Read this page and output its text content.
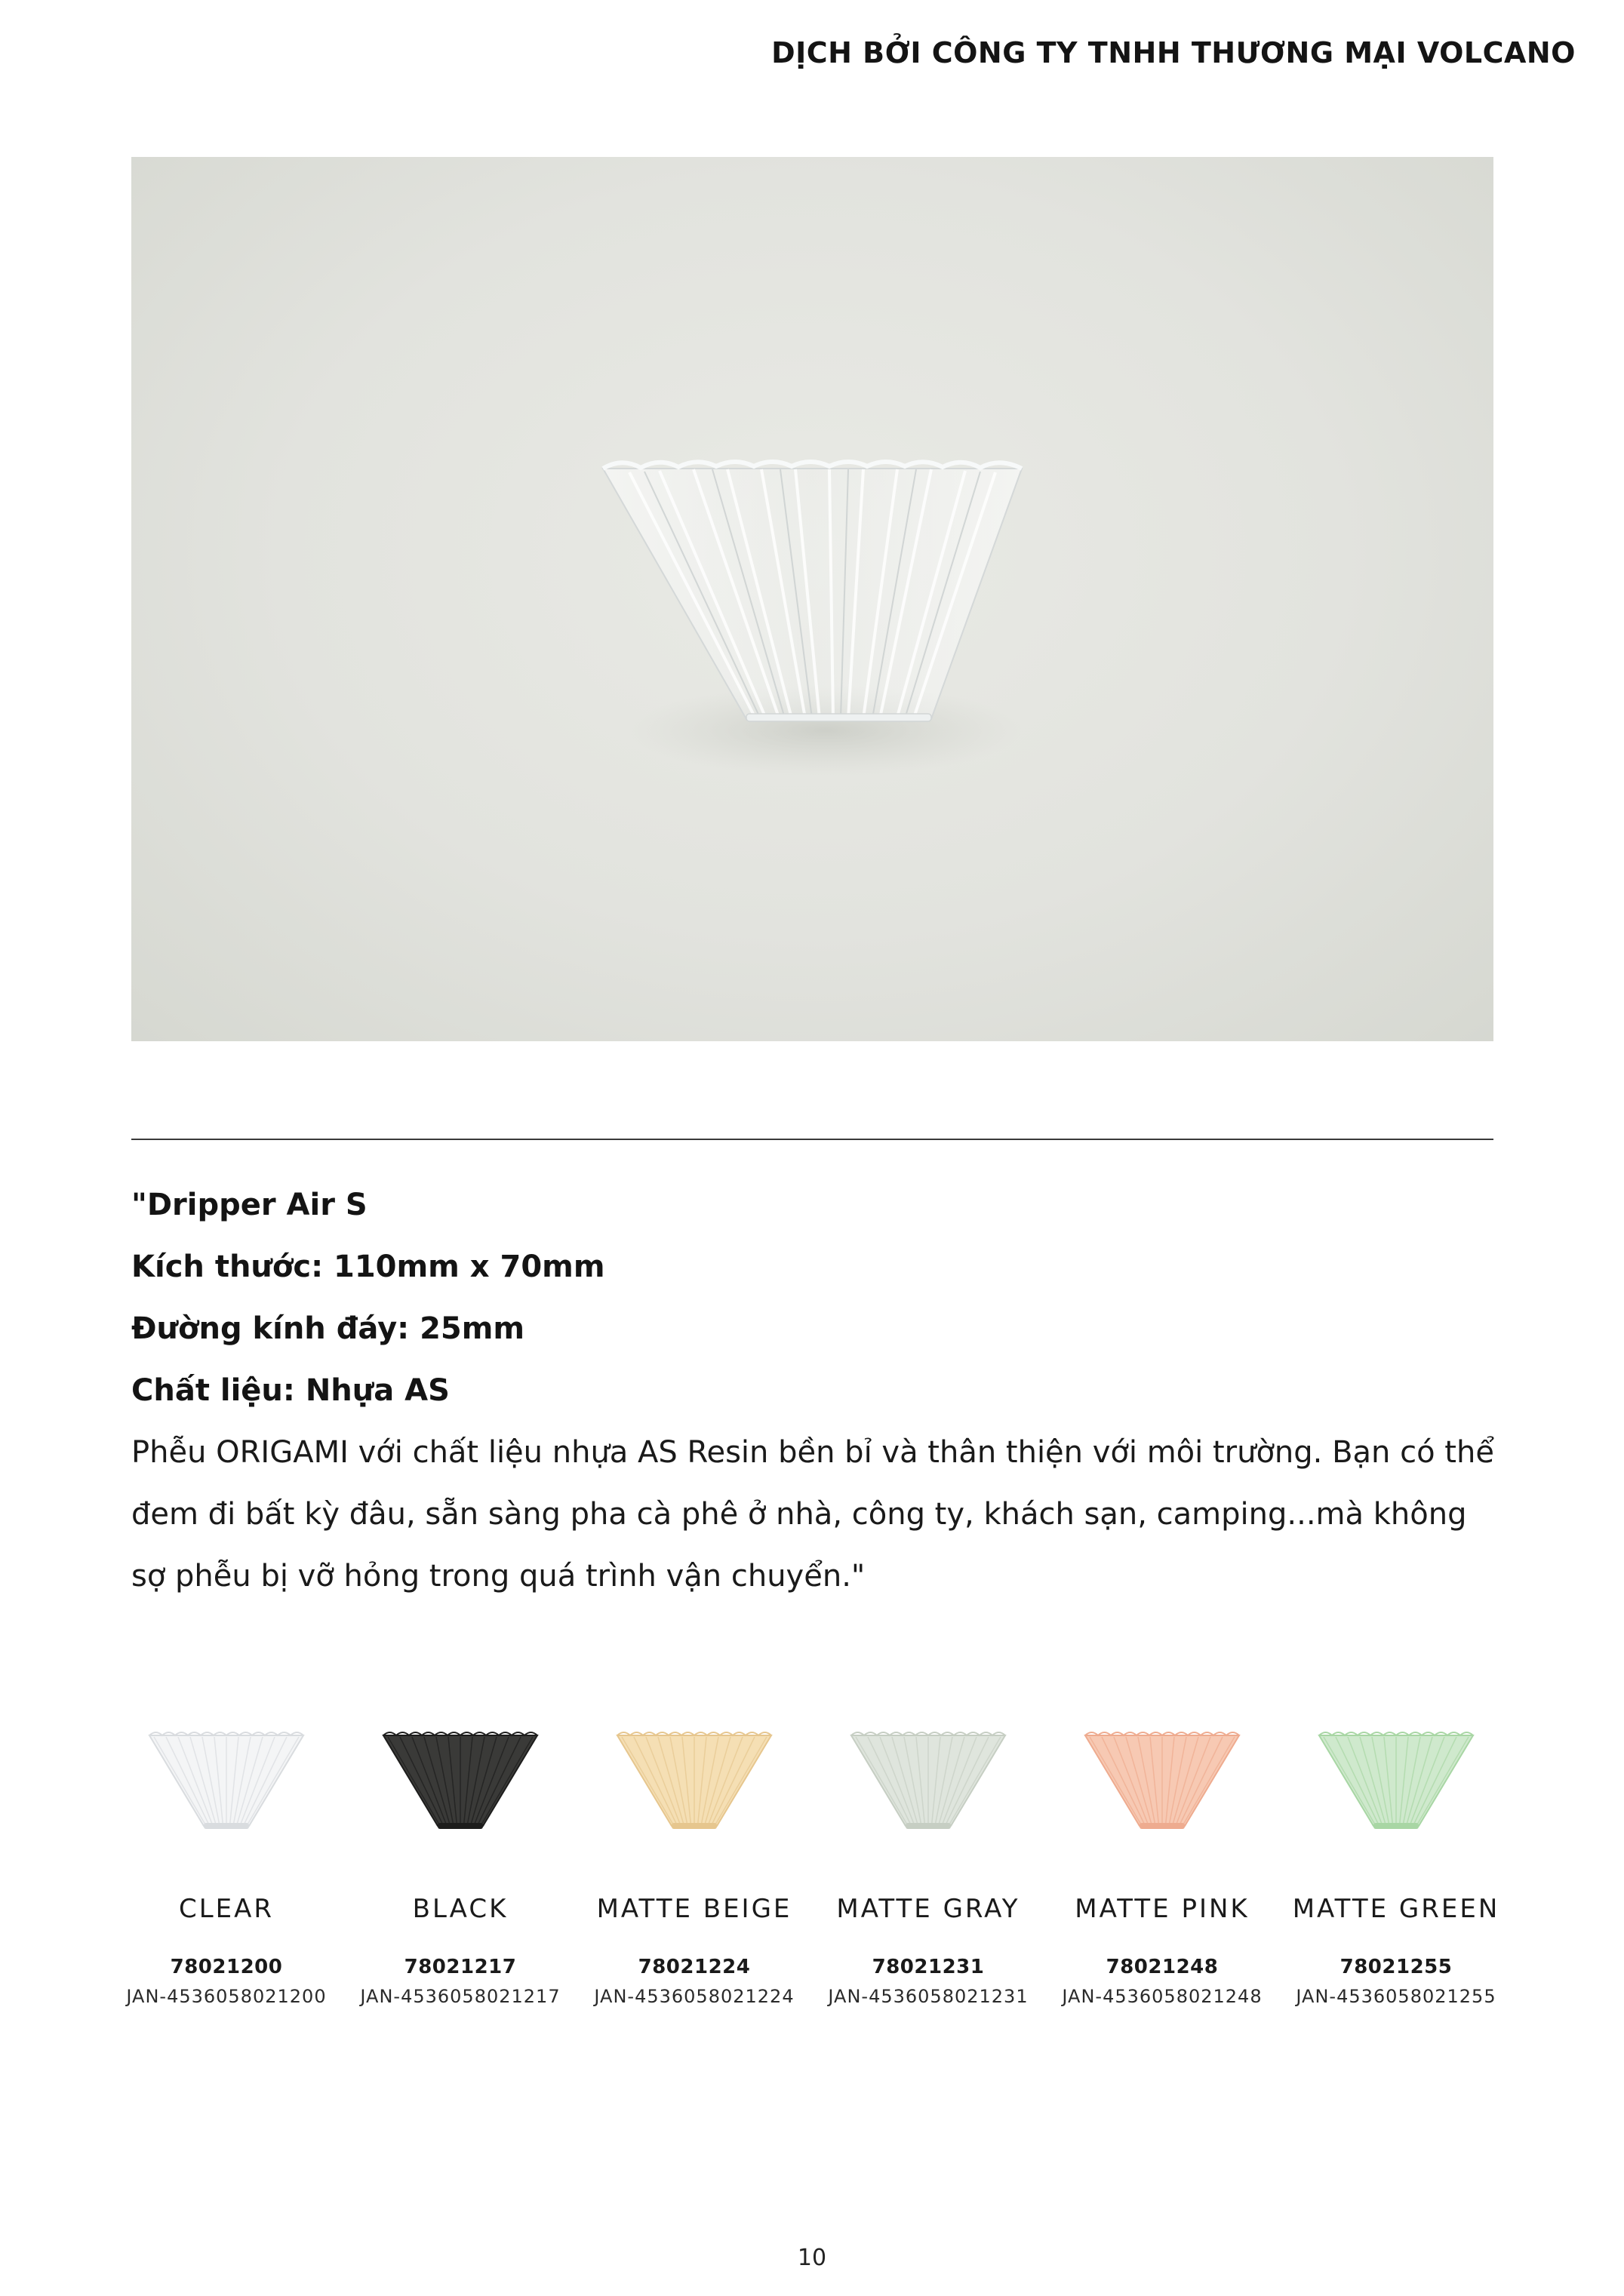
DỊCH BỞI CÔNG TY TNHH THƯƠNG MẠI VOLCANO
"Dripper Air S
Kích thước: 110mm x 70mm
Đường kính đáy: 25mm
Chất liệu: Nhựa AS
Phễu ORIGAMI với chất liệu nhựa AS Resin bền bỉ và thân thiện với môi trường. Bạn có thể đem đi bất kỳ đâu, sẵn sàng pha cà phê ở nhà, công ty, khách sạn, camping...mà không sợ phễu bị vỡ hỏng trong quá trình vận chuyển."
CLEAR
78021200
JAN-4536058021200
BLACK
78021217
JAN-4536058021217
MATTE BEIGE
78021224
JAN-4536058021224
MATTE GRAY
78021231
JAN-4536058021231
MATTE PINK
78021248
JAN-4536058021248
MATTE GREEN
78021255
JAN-4536058021255
10
